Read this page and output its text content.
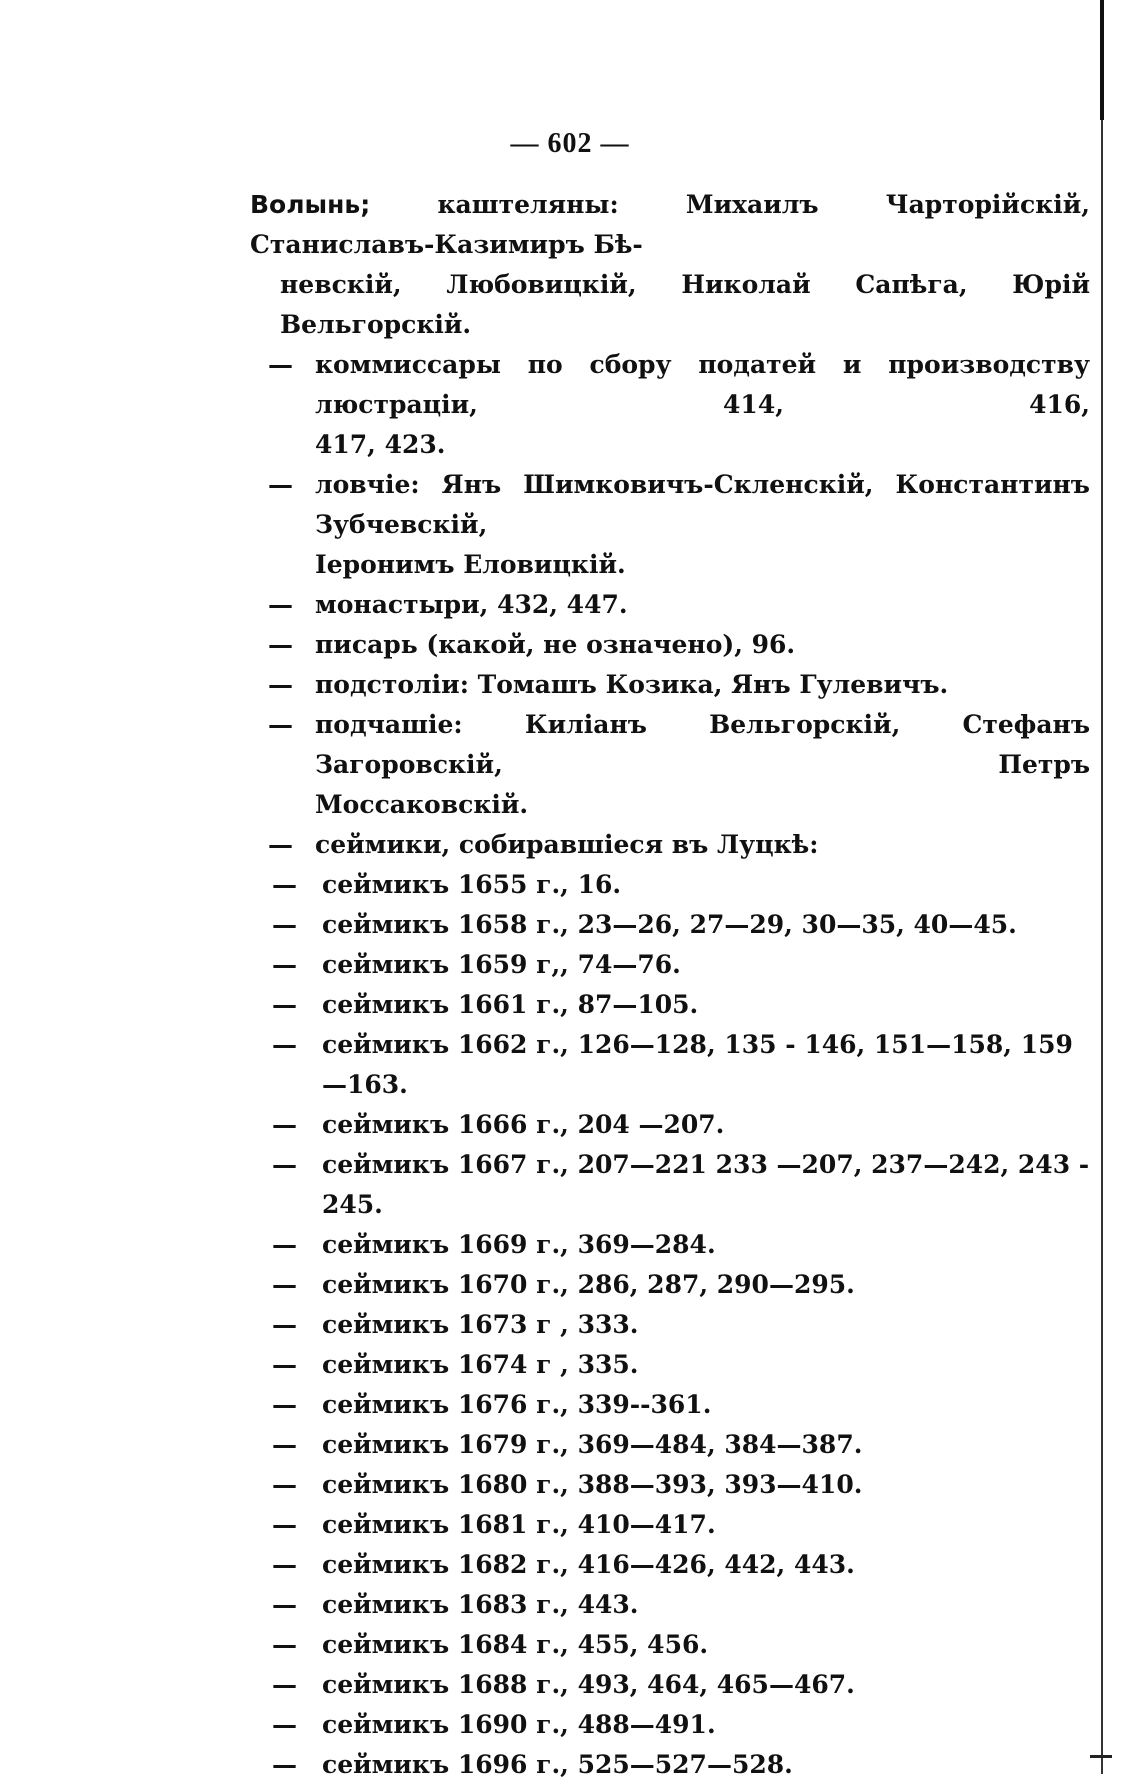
— 602 —
Волынь;	каштеляны: Михаилъ Чарторійскій, Станиславъ-Казимиръ Бѣ-
невскій, Любовицкій, Николай Сапѣга, Юрій Вельгорскій.
— коммиссары по сбору податей и производству люстраціи, 414, 416,
417, 423.
— ловчіе: Янъ Шимковичъ-Скленскій, Константинъ Зубчевскій,
Іеронимъ Еловицкій.
— монастыри, 432, 447.
— писарь (какой, не означено), 96.
— подстоліи: Томашъ Козика, Янъ Гулевичъ.
— подчашіе: Киліанъ Вельгорскій, Стефанъ Загоровскій, Петръ
Моссаковскій.
— сеймики, собиравшіеся въ Луцкѣ:
— сеймикъ 1655 г., 16.
— сеймикъ 1658 г., 23—26, 27—29, 30—35, 40—45.
— сеймикъ 1659 г,, 74—76.
— сеймикъ 1661 г., 87—105.
— сеймикъ 1662 г., 126—128, 135 - 146, 151—158, 159—163.
— сеймикъ 1666 г., 204 —207.
— сеймикъ 1667 г., 207—221 233 —207, 237—242, 243 - 245.
— сеймикъ 1669 г., 369—284.
— сеймикъ 1670 г., 286, 287, 290—295.
— сеймикъ 1673 г , 333.
— сеймикъ 1674 г , 335.
— сеймикъ 1676 г., 339--361.
— сеймикъ 1679 г., 369—484, 384—387.
— сеймикъ 1680 г., 388—393, 393—410.
— сеймикъ 1681 г., 410—417.
— сеймикъ 1682 г., 416—426, 442, 443.
— сеймикъ 1683 г., 443.
— сеймикъ 1684 г., 455, 456.
— сеймикъ 1688 г., 493, 464, 465—467.
— сеймикъ 1690 г., 488—491.
— сеймикъ 1696 г., 525—527—528.
